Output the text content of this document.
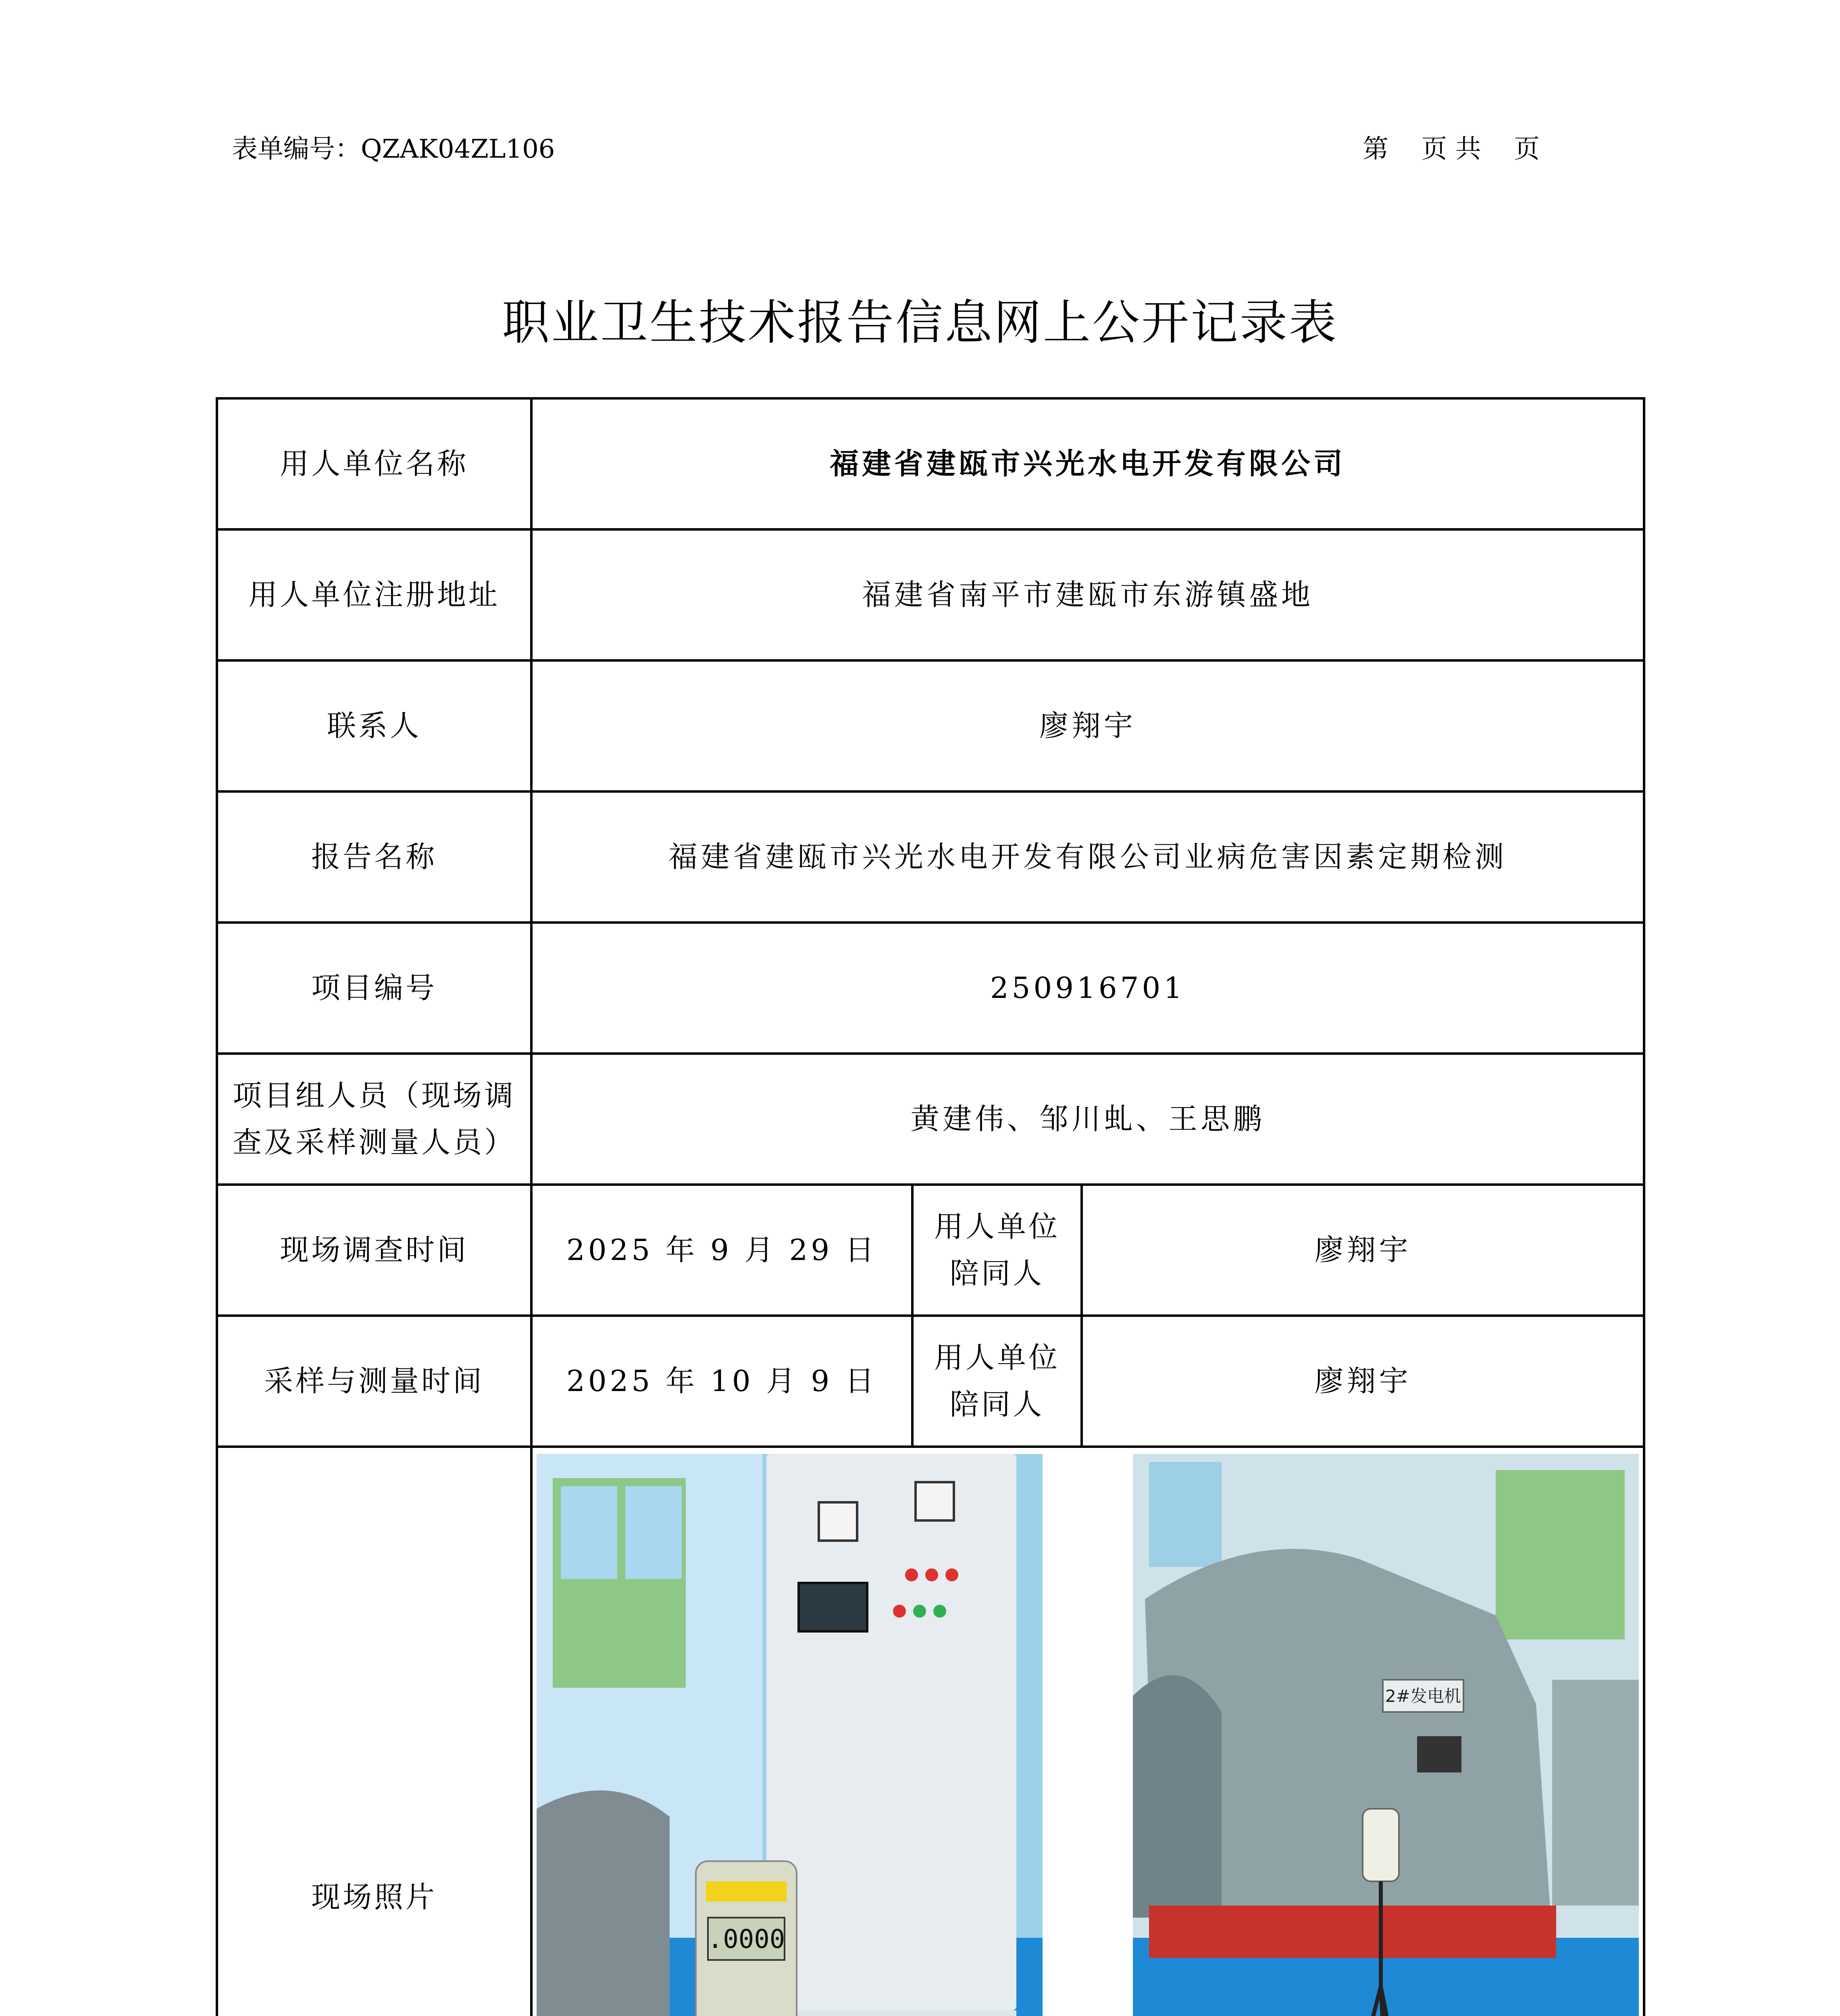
表单编号：QZAK04ZL106	第    页 共    页
职业卫生技术报告信息网上公开记录表
用人单位名称	福建省建瓯市兴光水电开发有限公司		
用人单位注册地址	福建省南平市建瓯市东游镇盛地		
联系人	廖翔宇		
报告名称	福建省建瓯市兴光水电开发有限公司业病危害因素定期检测		
项目编号	250916701		
项目组人员（现场调查及采样测量人员）	黄建伟、邹川虬、王思鹏		
现场调查时间	2025 年 9 月 29 日	用人单位陪同人	廖翔宇
采样与测量时间	2025 年 10 月 9 日	用人单位陪同人	廖翔宇
现场照片	.0000
2#发电机		
